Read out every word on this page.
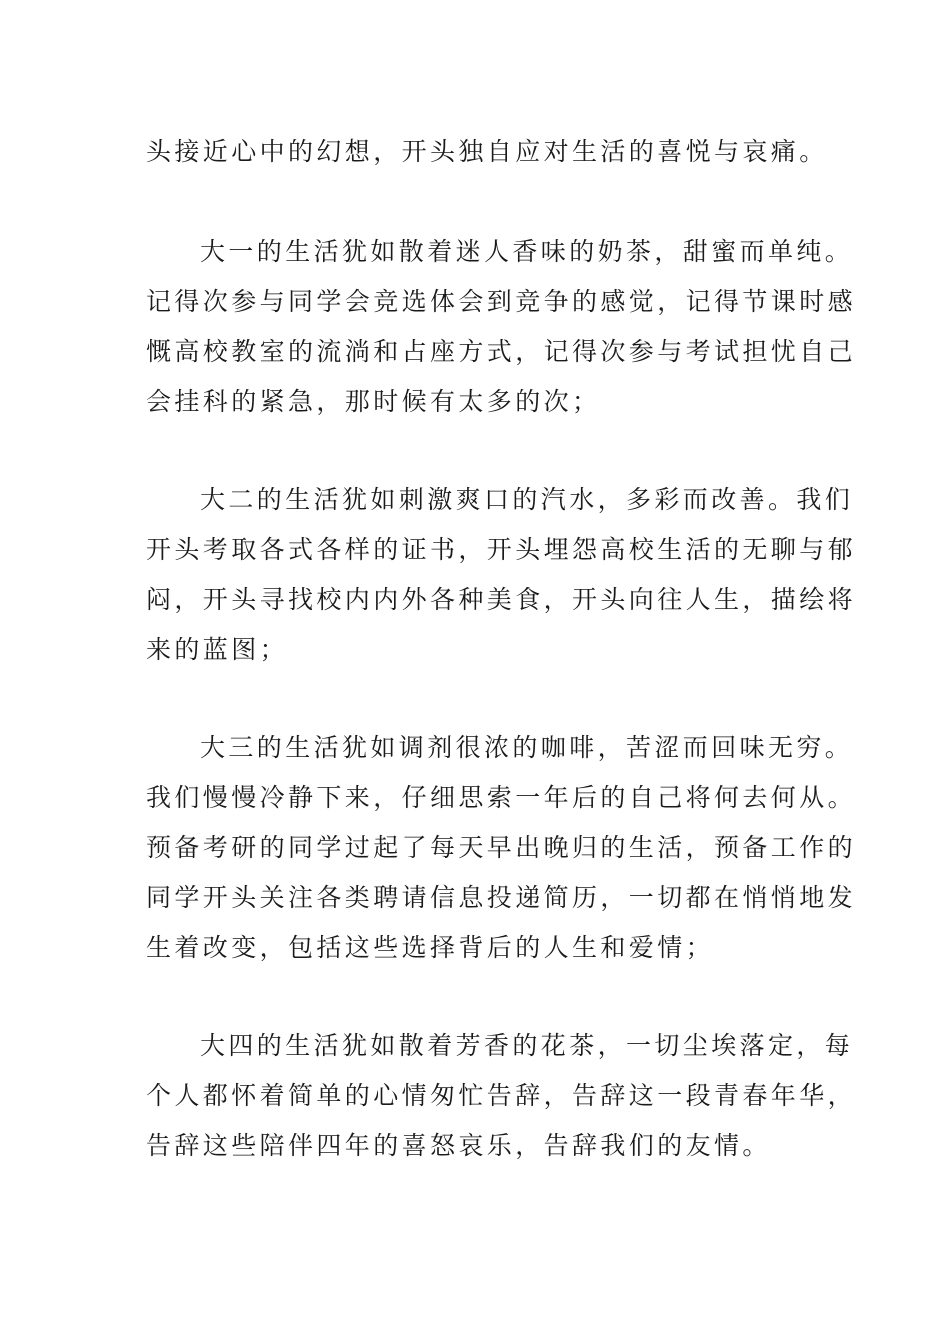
头接近心中的幻想，开头独自应对生活的喜悦与哀痛。
大一的生活犹如散着迷人香味的奶茶，甜蜜而单纯。
记得次参与同学会竞选体会到竞争的感觉，记得节课时感
慨高校教室的流淌和占座方式，记得次参与考试担忧自己
会挂科的紧急，那时候有太多的次；
大二的生活犹如刺激爽口的汽水，多彩而改善。我们
开头考取各式各样的证书，开头埋怨高校生活的无聊与郁
闷，开头寻找校内内外各种美食，开头向往人生，描绘将
来的蓝图；
大三的生活犹如调剂很浓的咖啡，苦涩而回味无穷。
我们慢慢冷静下来，仔细思索一年后的自己将何去何从。
预备考研的同学过起了每天早出晚归的生活，预备工作的
同学开头关注各类聘请信息投递简历，一切都在悄悄地发
生着改变，包括这些选择背后的人生和爱情；
大四的生活犹如散着芳香的花茶，一切尘埃落定，每
个人都怀着简单的心情匆忙告辞，告辞这一段青春年华，
告辞这些陪伴四年的喜怒哀乐，告辞我们的友情。
